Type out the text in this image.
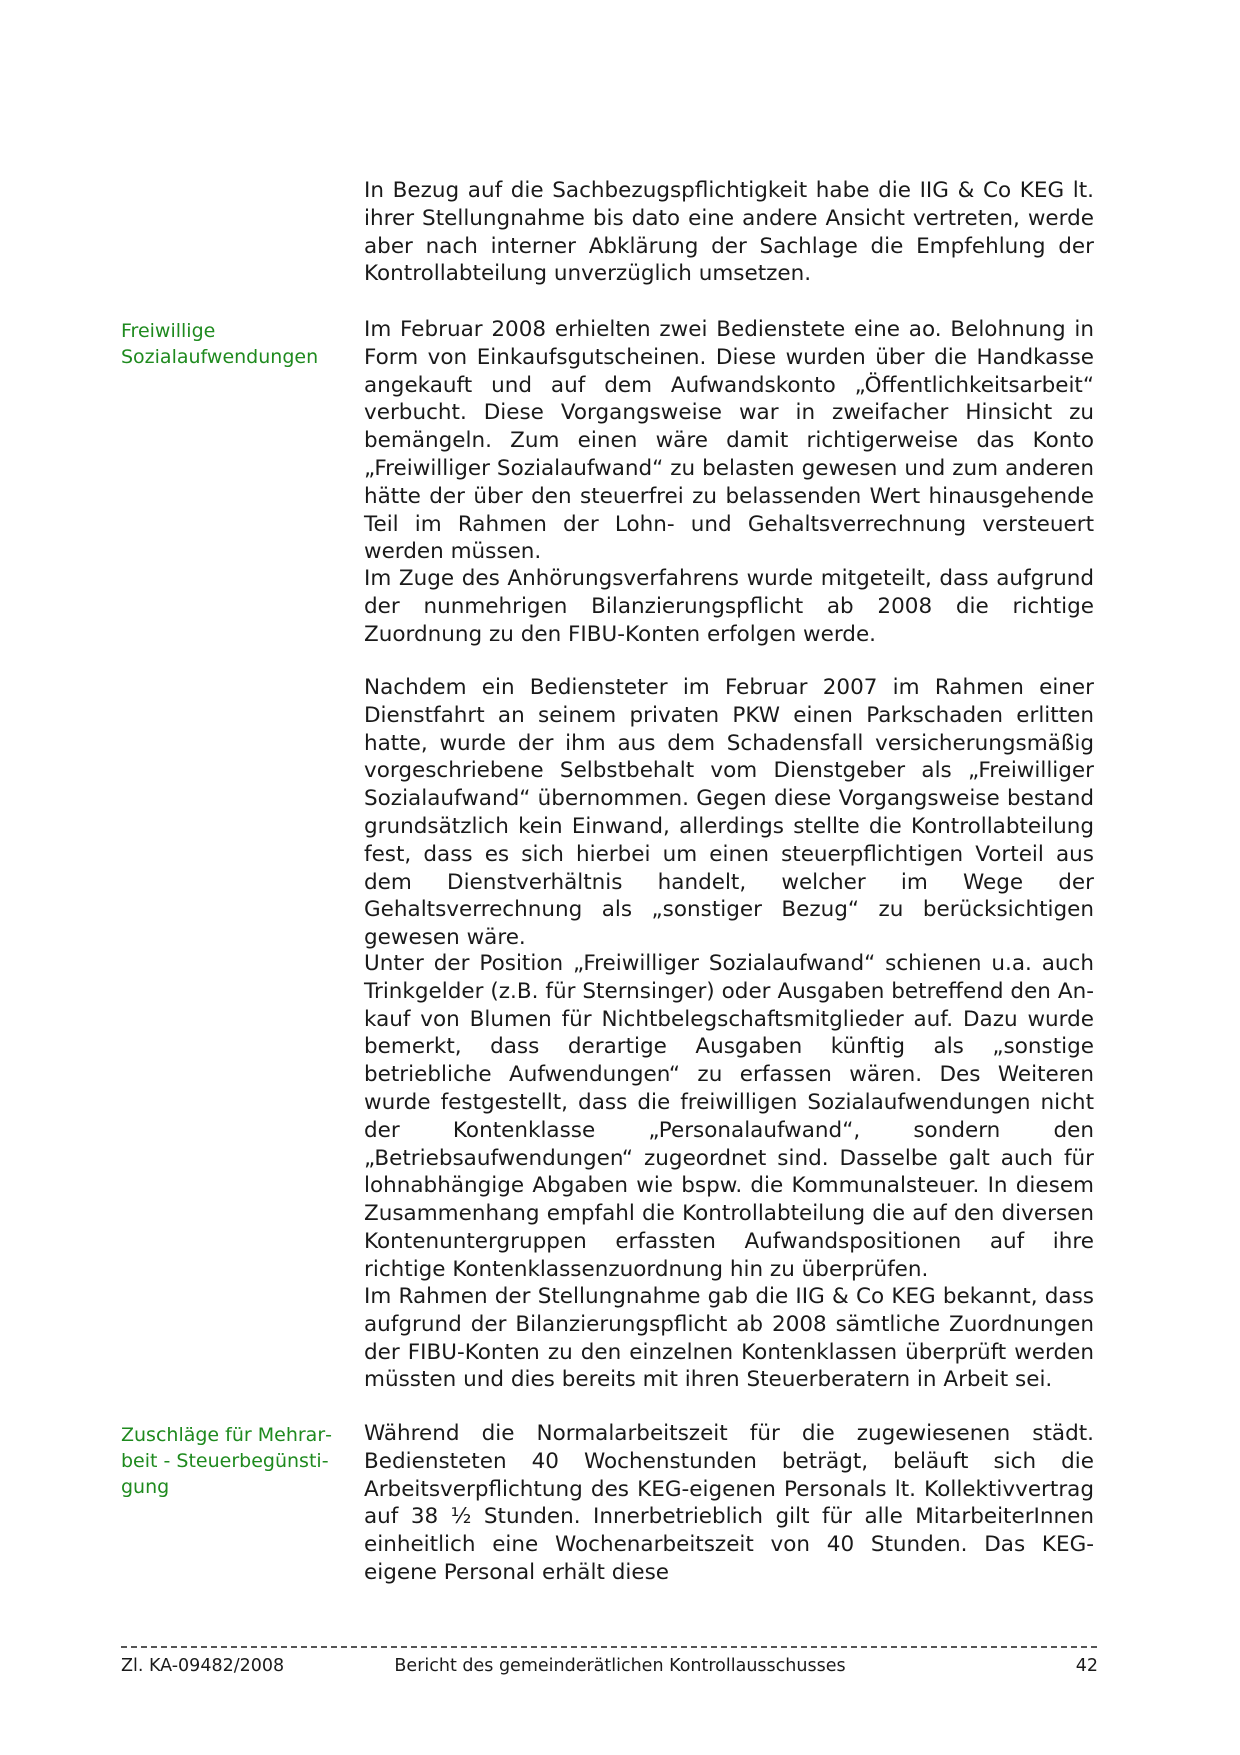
In Bezug auf die Sachbezugspflichtigkeit habe die IIG & Co KEG lt. ihrer Stellungnahme bis dato eine andere Ansicht vertreten, werde aber nach interner Abklärung der Sachlage die Empfehlung der Kontrollabteilung unverzüglich umsetzen.

Freiwillige Sozialaufwendungen

Im Februar 2008 erhielten zwei Bedienstete eine ao. Belohnung in Form von Einkaufsgutscheinen. Diese wurden über die Handkasse angekauft und auf dem Aufwandskonto „Öffentlichkeitsarbeit“ verbucht. Diese Vorgangsweise war in zweifacher Hinsicht zu bemängeln. Zum einen wäre damit richtigerweise das Konto „Freiwilliger Sozialaufwand“ zu belasten gewesen und zum anderen hätte der über den steuerfrei zu belassenden Wert hinausgehende Teil im Rahmen der Lohn- und Gehaltsverrechnung versteuert werden müssen.

Im Zuge des Anhörungsverfahrens wurde mitgeteilt, dass aufgrund der nunmehrigen Bilanzierungspflicht ab 2008 die richtige Zuordnung zu den FIBU-Konten erfolgen werde.

Nachdem ein Bediensteter im Februar 2007 im Rahmen einer Dienstfahrt an seinem privaten PKW einen Parkschaden erlitten hatte, wurde der ihm aus dem Schadensfall versicherungsmäßig vorgeschriebene Selbstbehalt vom Dienstgeber als „Freiwilliger Sozialaufwand“ übernommen. Gegen diese Vorgangsweise bestand grundsätzlich kein Einwand, allerdings stellte die Kontrollabteilung fest, dass es sich hierbei um einen steuerpflichtigen Vorteil aus dem Dienstverhältnis handelt, welcher im Wege der Gehaltsverrechnung als „sonstiger Bezug“ zu berücksichtigen gewesen wäre.

Unter der Position „Freiwilliger Sozialaufwand“ schienen u.a. auch Trinkgelder (z.B. für Sternsinger) oder Ausgaben betreffend den Ankauf von Blumen für Nichtbelegschaftsmitglieder auf. Dazu wurde bemerkt, dass derartige Ausgaben künftig als „sonstige betriebliche Aufwendungen“ zu erfassen wären. Des Weiteren wurde festgestellt, dass die freiwilligen Sozialaufwendungen nicht der Kontenklasse „Personalaufwand“, sondern den „Betriebsaufwendungen“ zugeordnet sind. Dasselbe galt auch für lohnabhängige Abgaben wie bspw. die Kommunalsteuer. In diesem Zusammenhang empfahl die Kontrollabteilung die auf den diversen Kontenuntergruppen erfassten Aufwandspositionen auf ihre richtige Kontenklassenzuordnung hin zu überprüfen.

Im Rahmen der Stellungnahme gab die IIG & Co KEG bekannt, dass aufgrund der Bilanzierungspflicht ab 2008 sämtliche Zuordnungen der FIBU-Konten zu den einzelnen Kontenklassen überprüft werden müssten und dies bereits mit ihren Steuerberatern in Arbeit sei.

Zuschläge für Mehrarbeit - Steuerbegünstigung

Während die Normalarbeitszeit für die zugewiesenen städt. Bediensteten 40 Wochenstunden beträgt, beläuft sich die Arbeitsverpflichtung des KEG-eigenen Personals lt. Kollektivvertrag auf 38 ½ Stunden. Innerbetrieblich gilt für alle MitarbeiterInnen einheitlich eine Wochenarbeitszeit von 40 Stunden. Das KEG-eigene Personal erhält diese

Zl. KA-09482/2008	Bericht des gemeinderätlichen Kontrollausschusses	42
